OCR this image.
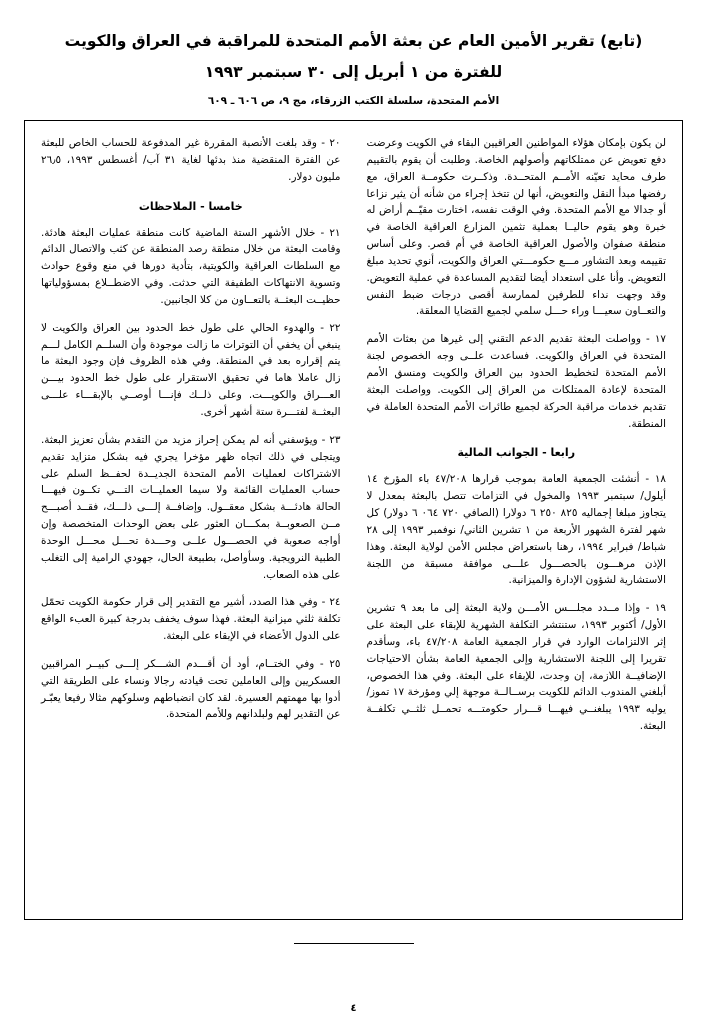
(تابع) تقرير الأمين العام عن بعثة الأمم المتحدة للمراقبة في العراق والكويت
للفترة من ١ أبريل إلى ٣٠ سبتمبر ١٩٩٣
الأمم المتحدة، سلسلة الكتب الزرقاء، مج ٩، ص ٦٠٦ ـ ٦٠٩

لن يكون بإمكان هؤلاء المواطنين العراقيين البقاء في الكويت وعرضت دفع تعويض عن ممتلكاتهم وأصولهم الخاصة. وطلبت أن يقوم بالتقييم طرف محايد تعيّنه الأمــم المتحــدة. وذكــرت حكومــة العراق، مع رفضها مبدأ النقل والتعويض، أنها لن تتخذ إجراء من شأنه أن يثير نزاعا أو جدالا مع الأمم المتحدة. وفي الوقت نفسه، اختارت مقيّــم أراض له خبرة وهو يقوم حاليــا بعملية تثمين المزارع العراقية الخاصة في منطقة صفوان والأصول العراقية الخاصة في أم قصر. وعلى أساس تقييمه وبعد التشاور مـــع حكومـــتي العراق والكويت، أنوي تحديد مبلغ التعويض. وأنا على استعداد أيضا لتقديم المساعدة في عملية التعويض. وقد وجهت نداء للطرفين لممارسة أقصى درجات ضبط النفس والتعــاون سعيـــا وراء حـــل سلمي لجميع القضايا المعلقة.

١٧ - وواصلت البعثة تقديم الدعم التقني إلى غيرها من بعثات الأمم المتحدة في العراق والكويت. فساعدت علــى وجه الخصوص لجنة الأمم المتحدة لتخطيط الحدود بين العراق والكويت ومنسق الأمم المتحدة لإعادة الممتلكات من العراق إلى الكويت. وواصلت البعثة تقديم خدمات مراقبة الحركة لجميع طائرات الأمم المتحدة العاملة في المنطقة.

رابعا - الجوانب المالية

١٨ - أنشئت الجمعية العامة بموجب قرارها ٤٧/٢٠٨ باء المؤرخ ١٤ أيلول/ سبتمبر ١٩٩٣ والمخول في التزامات تتصل بالبعثة بمعدل لا يتجاوز مبلغا إجماليه ٨٢٥ ٢٥٠ ٦ دولارا (الصافي ٧٢٠ ٠٦٤ ٦ دولار) كل شهر لفترة الشهور الأربعة من ١ تشرين الثاني/ نوفمبر ١٩٩٣ إلى ٢٨ شباط/ فبراير ١٩٩٤، رهنا باستعراض مجلس الأمن لولاية البعثة. وهذا الإذن مرهـــون بالحصـــول علـــى موافقة مسبقة من اللجنة الاستشارية لشؤون الإدارة والميزانية.

١٩ - وإذا مــدد مجلـــس الأمـــن ولاية البعثة إلى ما بعد ٩ تشرين الأول/ أكتوبر ١٩٩٣، ستنتشر التكلفة الشهرية للإبقاء على البعثة على إثر الالتزامات الوارد في قرار الجمعية العامة ٤٧/٢٠٨ باء، وسأقدم تقريرا إلى اللجنة الاستشارية وإلى الجمعية العامة بشأن الاحتياجات الإضافيــة اللازمة، إن وجدت، للإبقاء على البعثة. وفي هذا الخصوص، أبلغني المندوب الدائم للكويت برســالــة موجهة إلي ومؤرخة ١٧ تموز/ يوليه ١٩٩٣ يبلغنــي فيهـــا قـــرار حكومتـــه تحمــل ثلثــي تكلفــة البعثة.

٢٠ - وقد بلغت الأنصبة المقررة غير المدفوعة للحساب الخاص للبعثة عن الفترة المنقضية منذ بدئها لغاية ٣١ آب/ أغسطس ١٩٩٣، ٢٦٫٥ مليون دولار.

خامسا - الملاحظات

٢١ - خلال الأشهر الستة الماضية كانت منطقة عمليات البعثة هادئة. وقامت البعثة من خلال منطقة رصد المنطقة عن كثب والاتصال الدائم مع السلطات العراقية والكويتية، بتأدية دورها في منع وقوع حوادث وتسوية الانتهاكات الطفيفة التي حدثت. وفي الاضطــلاع بمسؤولياتها حظيــت البعثــة بالتعــاون من كلا الجانبين.

٢٢ - والهدوء الحالي على طول خط الحدود بين العراق والكويت لا ينبغي أن يخفي أن التوترات ما زالت موجودة وأن السلــم الكامل لـــم يتم إقراره بعد في المنطقة. وفي هذه الظروف فإن وجود البعثة ما زال عاملا هاما في تحقيق الاستقرار على طول خط الحدود بيـــن العـــراق والكويـــت. وعلى ذلــك فإنـــا أوصــي بالإبقـــاء علـــى البعثــة لفتـــرة ستة أشهر أخرى.

٢٣ - ويؤسفني أنه لم يمكن إحراز مزيد من التقدم بشأن تعزيز البعثة. ويتجلى في ذلك اتجاه ظهر مؤخرا يجري فيه بشكل متزايد تقديم الاشتراكات لعمليات الأمم المتحدة الجديــدة لحفــظ السلم على حساب العمليات القائمة ولا سيما العمليــات التـــي تكــون فيهـــا الحالة هادئـــة بشكل معقــول. وإضافــة إلـــى ذلـــك، فقــد أصبـــح مــن الصعوبــة بمكـــان العثور على بعض الوحدات المتخصصة وإن أواجه صعوبة في الحصـــول علــى وحـــدة تحـــل محـــل الوحدة الطبية النرويجية. وسأواصل، بطبيعة الحال، جهودي الرامية إلى التغلب على هذه الصعاب.

٢٤ - وفي هذا الصدد، أشير مع التقدير إلى قرار حكومة الكويت تحمّل تكلفة ثلثي ميزانية البعثة. فهذا سوف يخفف بدرجة كبيرة العبء الواقع على الدول الأعضاء في الإبقاء على البعثة.

٢٥ - وفي الختــام، أود أن أقـــدم الشـــكر إلـــى كبيــر المراقبين العسكريين وإلى العاملين تحت قيادته رجالا ونساء على الطريقة التي أدوا بها مهمتهم العسيرة. لقد كان انضباطهم وسلوكهم مثالا رفيعا يعبّـر عن التقدير لهم ولبلدانهم وللأمم المتحدة.

٤
